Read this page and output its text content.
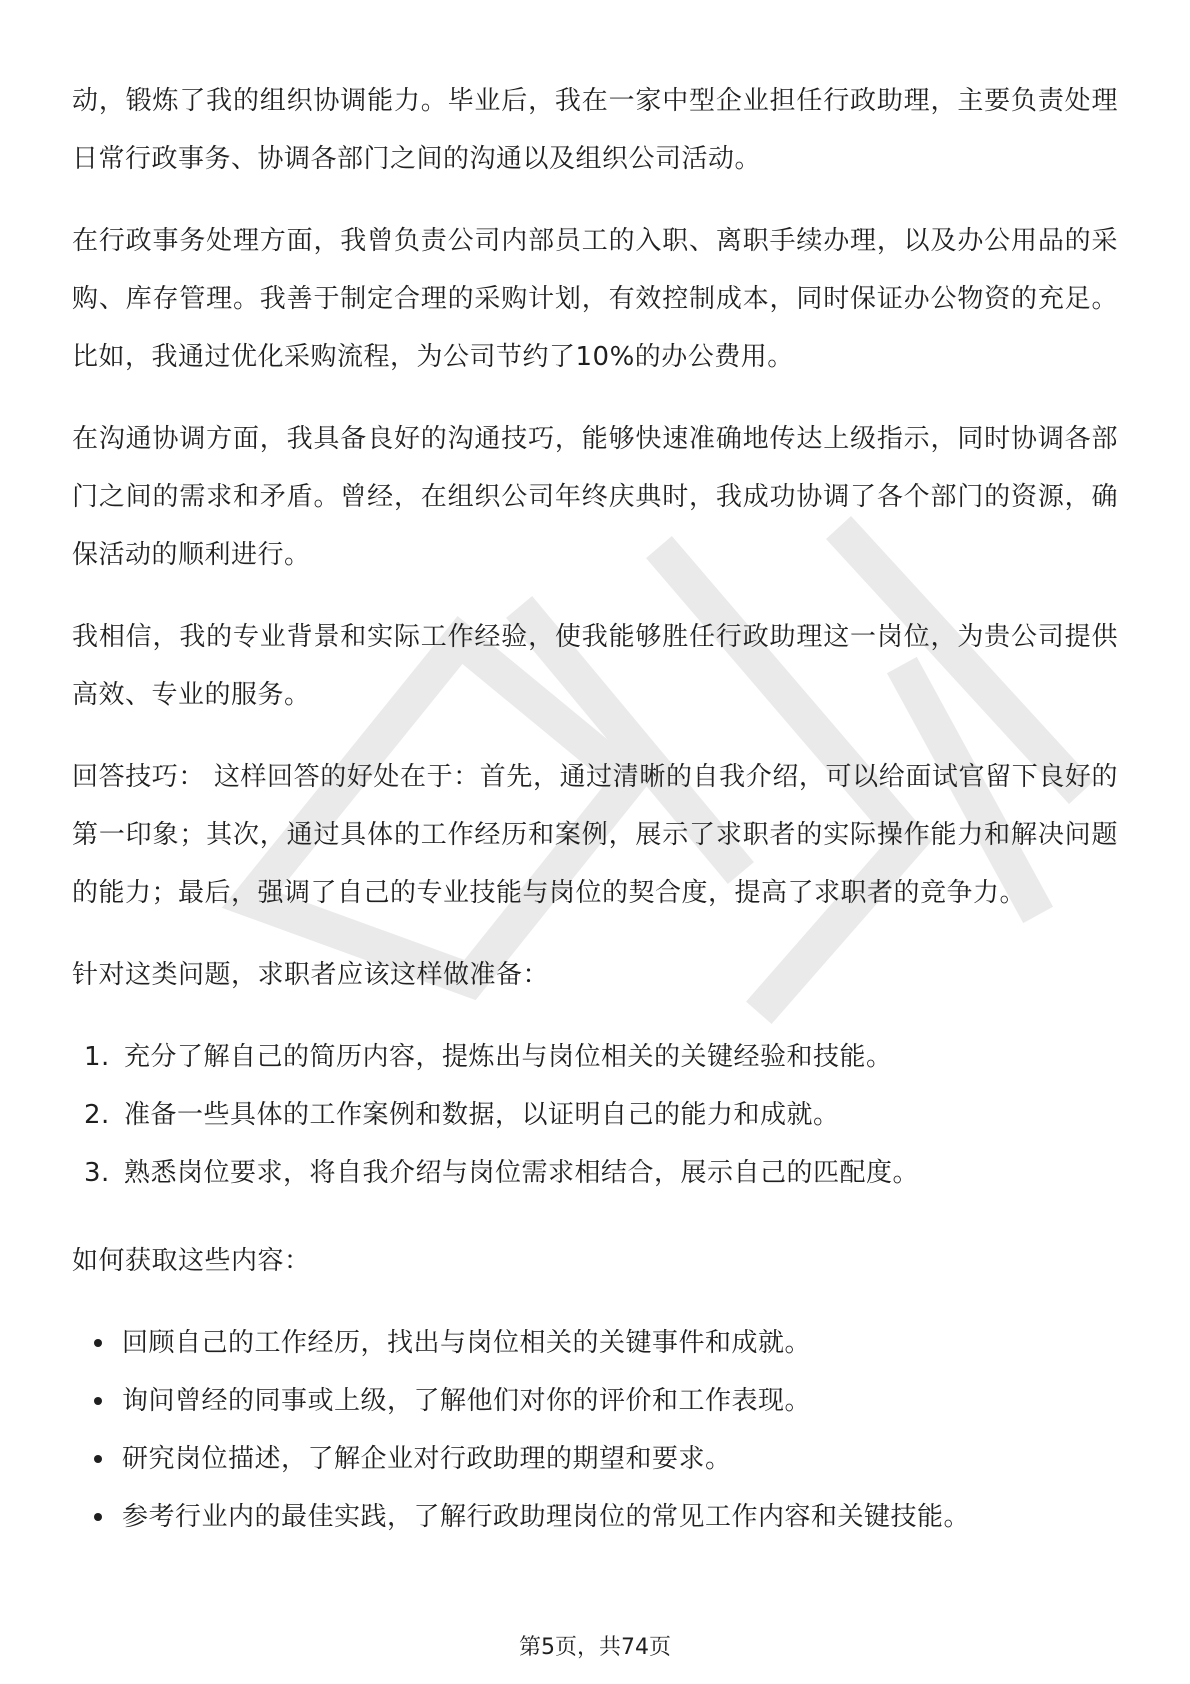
动，锻炼了我的组织协调能力。毕业后，我在一家中型企业担任行政助理，主要负责处理日常行政事务、协调各部门之间的沟通以及组织公司活动。

在行政事务处理方面，我曾负责公司内部员工的入职、离职手续办理，以及办公用品的采购、库存管理。我善于制定合理的采购计划，有效控制成本，同时保证办公物资的充足。比如，我通过优化采购流程，为公司节约了10%的办公费用。

在沟通协调方面，我具备良好的沟通技巧，能够快速准确地传达上级指示，同时协调各部门之间的需求和矛盾。曾经，在组织公司年终庆典时，我成功协调了各个部门的资源，确保活动的顺利进行。

我相信，我的专业背景和实际工作经验，使我能够胜任行政助理这一岗位，为贵公司提供高效、专业的服务。

回答技巧： 这样回答的好处在于：首先，通过清晰的自我介绍，可以给面试官留下良好的第一印象；其次，通过具体的工作经历和案例，展示了求职者的实际操作能力和解决问题的能力；最后，强调了自己的专业技能与岗位的契合度，提高了求职者的竞争力。

针对这类问题，求职者应该这样做准备：

1. 充分了解自己的简历内容，提炼出与岗位相关的关键经验和技能。
2. 准备一些具体的工作案例和数据，以证明自己的能力和成就。
3. 熟悉岗位要求，将自我介绍与岗位需求相结合，展示自己的匹配度。

如何获取这些内容：

回顾自己的工作经历，找出与岗位相关的关键事件和成就。
询问曾经的同事或上级，了解他们对你的评价和工作表现。
研究岗位描述，了解企业对行政助理的期望和要求。
参考行业内的最佳实践，了解行政助理岗位的常见工作内容和关键技能。
第5页，共74页
